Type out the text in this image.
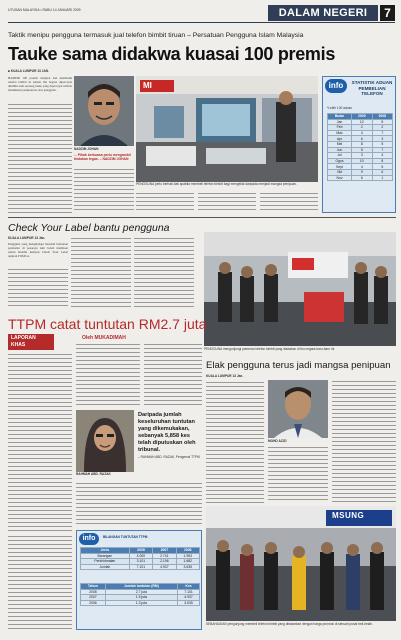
UTUSAN MALAYSIA • RABU 14 JANUARI 2009	DALAM NEGERI	7
Taktik menipu pengguna termasuk jual telefon bimbit tiruan – Persatuan Pengguna Islam Malaysia
Tauke sama didakwa kuasai 100 premis
■ KUALA LUMPUR 13 JAN.
HAMPIR 100 premis menjual dan membaiki telefon bimbit di sekitar ibu negara dipercayai dimiliki oleh seorang tauke yang dipercayai terlibat melakukan penipuan ke atas pengguna.
NADZIM JOHAN
... Pihak berkuasa perlu mengambil tindakan tegas. – NADZIM JOHAN
MI
PENGGUNA perlu berhati-hati apabila membeli telefon bimbit bagi mengelak daripada menjadi mangsa penipuan.
info	STATISTIK ADUAN PEMBELIAN TELEFON
*Lebih 100 aduan
Bulan	2009	2008
Jan	12	5
Feb	2	2
Mac	4	7
Apr	6	3
Mei	8	5
Jun	5	7
Jul	3	4
Ogos	10	8
Sept	4	5
Okt	9	6
Nov	6	1
Check Your Label bantu pengguna
KUALA LUMPUR 13 Jan.
Pengguna yang menghadapi masalah berkaitan pelabelan di pasaraya kini boleh membuat aduan melalui kempen Check Your Label anjuran FOMCA.
TTPM catat tuntutan RM2.7 juta
LAPORAN KHAS
Oleh MUKADIMAH
RAHMAH ABD. RAZAK
Daripada jumlah keseluruhan tuntutan yang dikemukakan, sebanyak 5,858 kes telah diputuskan oleh tribunal.
– RAHMAH ABD. RAZAK, Pengerusi TTPM
info	BILANGAN TUNTUTAN TTPM
Jenis	2008	2007	2006
Barangan	4.000	2.741	1.953
Perkhidmatan	3.101	2.196	1.682
Jumlah	7.101	4.937	3.635
Tahun	Jumlah tuntutan (RM)	Kes
2008	2.7 juta	7.101
2007	1.9 juta	4.937
2006	1.3 juta	3.635
PENGGUNA mengunjungi pameran telefon bimbit yang diadakan di ibu negara baru-baru ini.
Elak pengguna terus jadi mangsa penipuan
KUALA LUMPUR 13 Jan.
MOHD AZIZI
MSUNG
SEBAHAGIAN pengunjung membeli telefon bimbit yang ditawarkan dengan harga promosi di sebuah pusat beli-belah.
